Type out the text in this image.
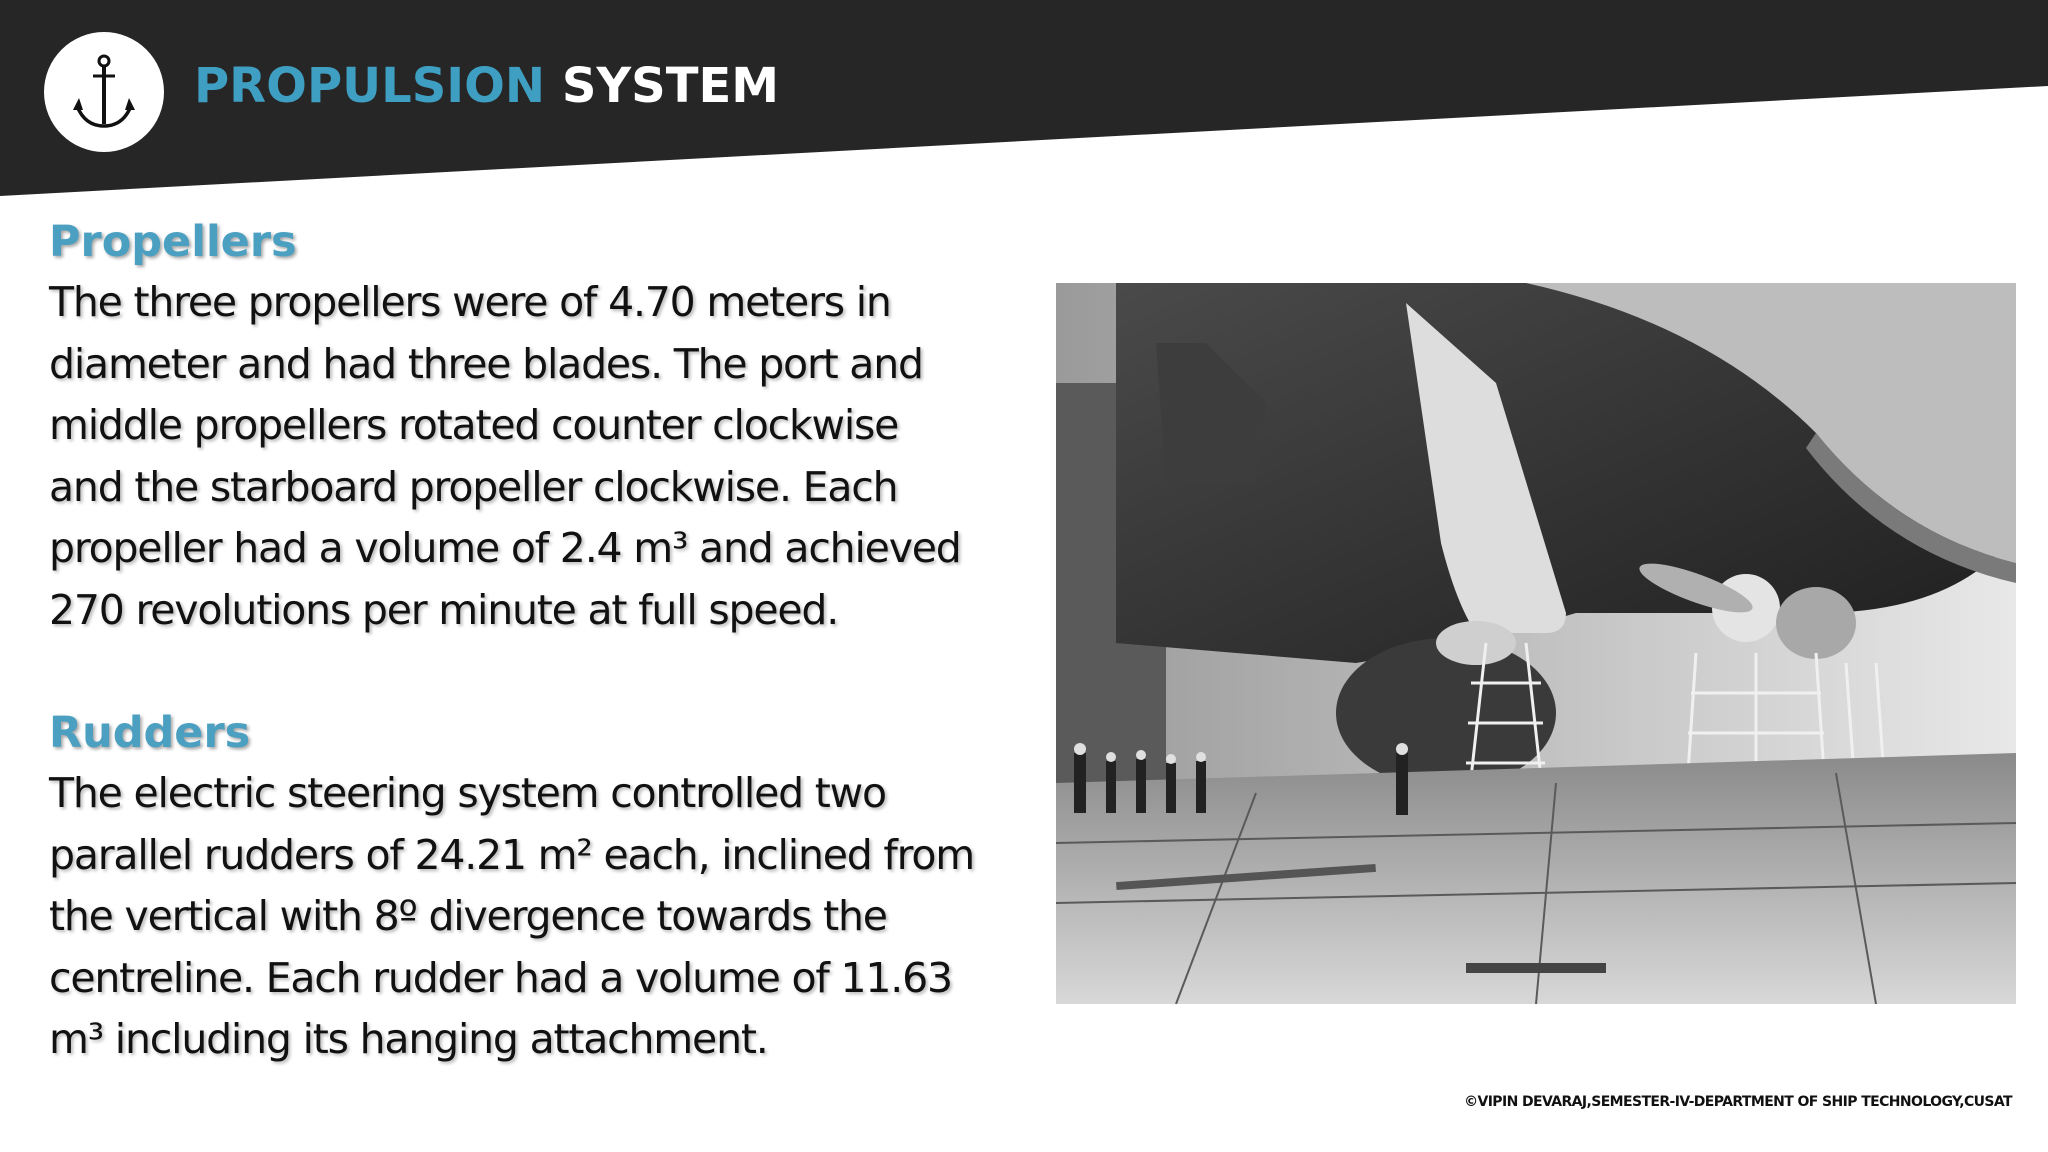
PROPULSION SYSTEM
Propellers

The three propellers were of 4.70 meters in
diameter and had three blades. The port and
middle propellers rotated counter clockwise
and the starboard propeller clockwise. Each
propeller had a volume of 2.4 m³ and achieved
270 revolutions per minute at full speed.

Rudders

The electric steering system controlled two
parallel rudders of 24.21 m² each, inclined from
the vertical with 8º divergence towards the
centreline. Each rudder had a volume of 11.63
m³ including its hanging attachment.

©VIPIN DEVARAJ,SEMESTER-IV-DEPARTMENT OF SHIP TECHNOLOGY,CUSAT
